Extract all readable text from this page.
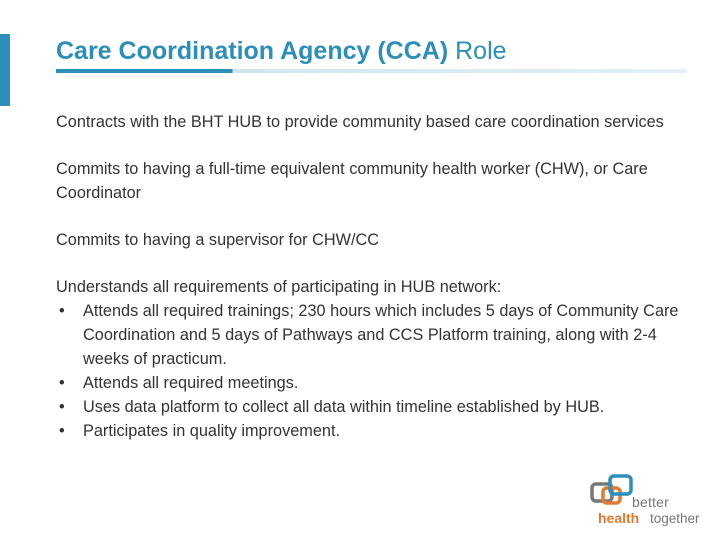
Care Coordination Agency (CCA) Role

Contracts with the BHT HUB to provide community based care coordination services

Commits to having a full-time equivalent community health worker (CHW), or Care Coordinator

Commits to having a supervisor for CHW/CC

Understands all requirements of participating in HUB network:
• Attends all required trainings; 230 hours which includes 5 days of Community Care Coordination and 5 days of Pathways and CCS Platform training, along with 2-4 weeks of practicum.
• Attends all required meetings.
• Uses data platform to collect all data within timeline established by HUB.
• Participates in quality improvement.
better
health together
